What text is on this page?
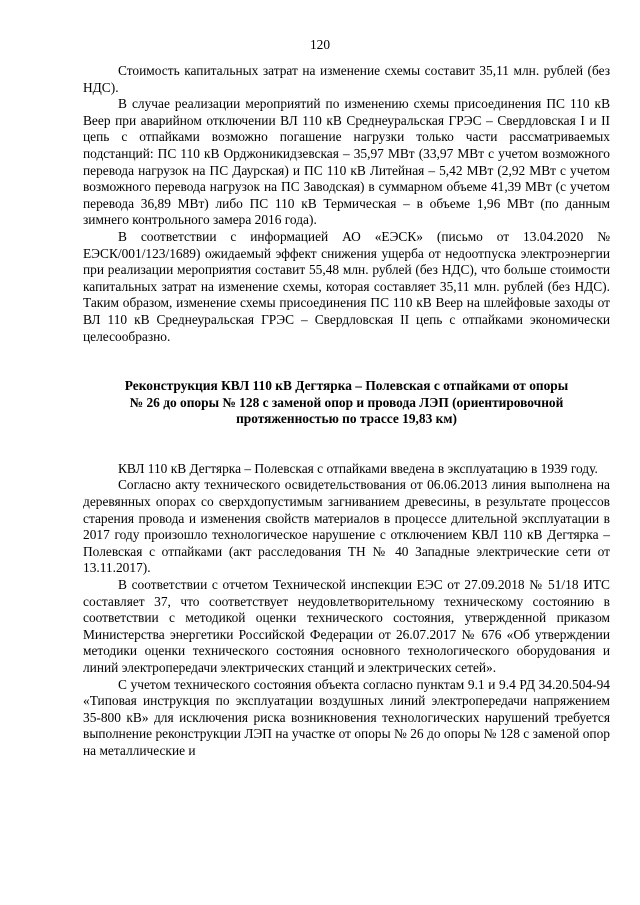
120

Стоимость капитальных затрат на изменение схемы составит 35,11 млн. рублей (без НДС).

В случае реализации мероприятий по изменению схемы присоединения ПС 110 кВ Веер при аварийном отключении ВЛ 110 кВ Среднеуральская ГРЭС – Свердловская I и II цепь с отпайками возможно погашение нагрузки только части рассматриваемых подстанций: ПС 110 кВ Орджоникидзевская – 35,97 МВт (33,97 МВт с учетом возможного перевода нагрузок на ПС Даурская) и ПС 110 кВ Литейная – 5,42 МВт (2,92 МВт с учетом возможного перевода нагрузок на ПС Заводская) в суммарном объеме 41,39 МВт (с учетом перевода 36,89 МВт) либо ПС 110 кВ Термическая – в объеме 1,96 МВт (по данным зимнего контрольного замера 2016 года).

В соответствии с информацией АО «ЕЭСК» (письмо от 13.04.2020 № ЕЭСК/001/123/1689) ожидаемый эффект снижения ущерба от недоотпуска электроэнергии при реализации мероприятия составит 55,48 млн. рублей (без НДС), что больше стоимости капитальных затрат на изменение схемы, которая составляет 35,11 млн. рублей (без НДС). Таким образом, изменение схемы присоединения ПС 110 кВ Веер на шлейфовые заходы от ВЛ 110 кВ Среднеуральская ГРЭС – Свердловская II цепь с отпайками экономически целесообразно.

Реконструкция КВЛ 110 кВ Дегтярка – Полевская с отпайками от опоры
№ 26 до опоры № 128 с заменой опор и провода ЛЭП (ориентировочной
протяженностью по трассе 19,83 км)

КВЛ 110 кВ Дегтярка – Полевская с отпайками введена в эксплуатацию в 1939 году.

Согласно акту технического освидетельствования от 06.06.2013 линия выполнена на деревянных опорах со сверхдопустимым загниванием древесины, в результате процессов старения провода и изменения свойств материалов в процессе длительной эксплуатации в 2017 году произошло технологическое нарушение с отключением КВЛ 110 кВ Дегтярка – Полевская с отпайками (акт расследования ТН № 40 Западные электрические сети от 13.11.2017).

В соответствии с отчетом Технической инспекции ЕЭС от 27.09.2018 № 51/18 ИТС составляет 37, что соответствует неудовлетворительному техническому состоянию в соответствии с методикой оценки технического состояния, утвержденной приказом Министерства энергетики Российской Федерации от 26.07.2017 № 676 «Об утверждении методики оценки технического состояния основного технологического оборудования и линий электропередачи электрических станций и электрических сетей».

С учетом технического состояния объекта согласно пунктам 9.1 и 9.4 РД 34.20.504-94 «Типовая инструкция по эксплуатации воздушных линий электропередачи напряжением 35-800 кВ» для исключения риска возникновения технологических нарушений требуется выполнение реконструкции ЛЭП на участке от опоры № 26 до опоры № 128 с заменой опор на металлические и
